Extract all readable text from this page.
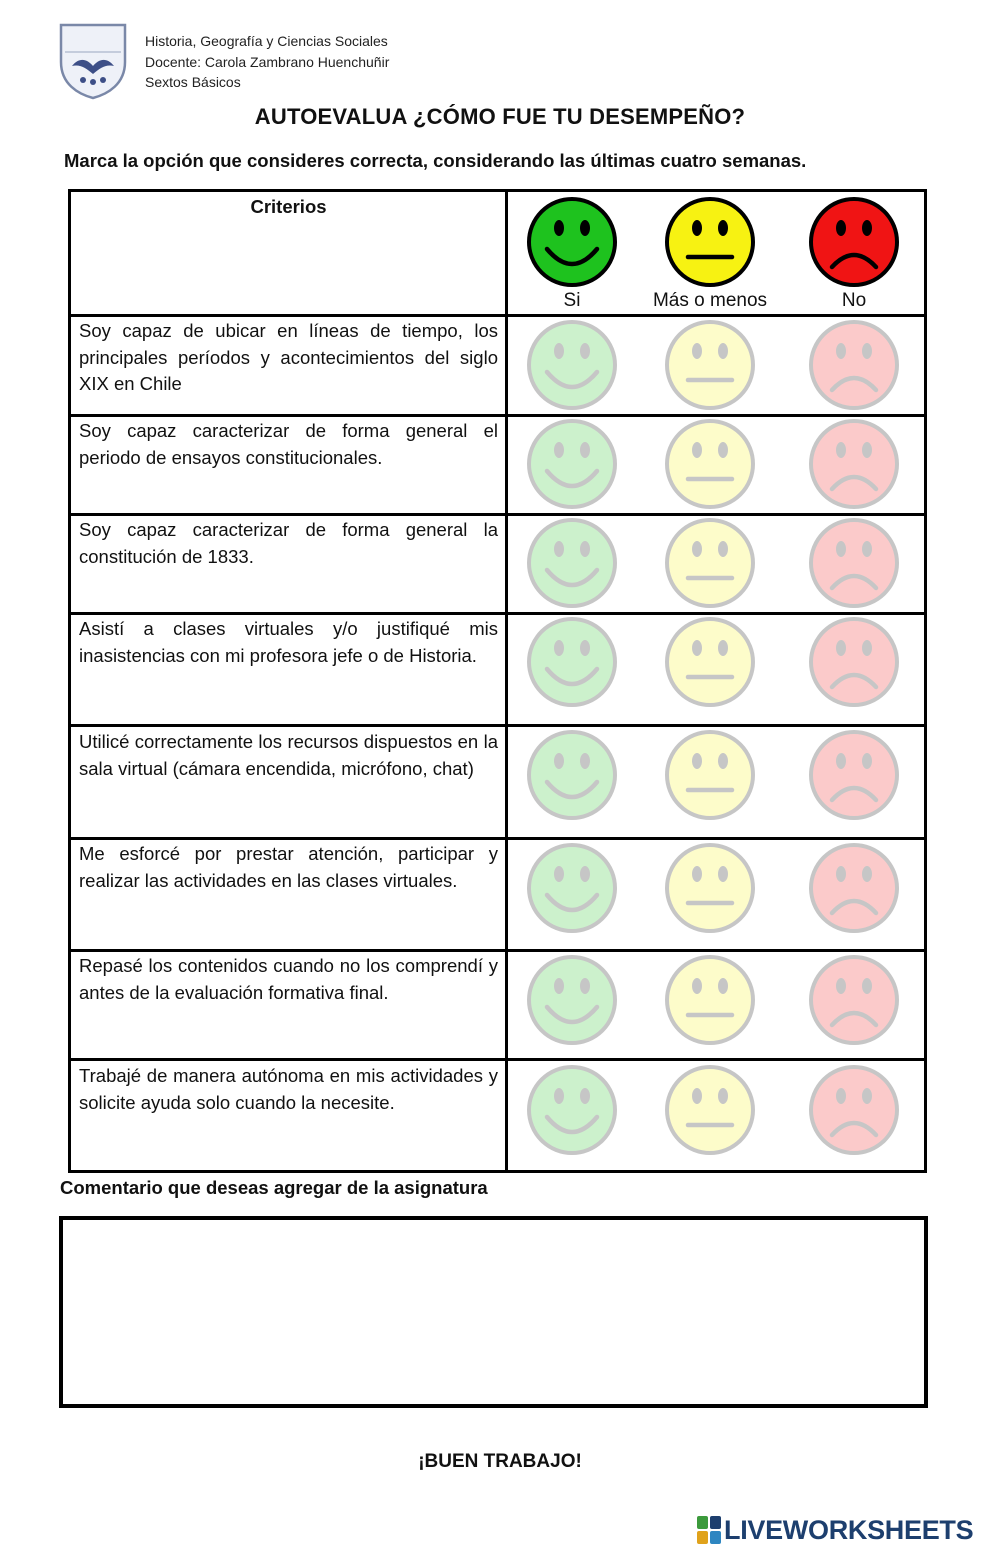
Historia, Geografía y Ciencias Sociales
Docente: Carola Zambrano Huenchuñir
Sextos Básicos
AUTOEVALUA ¿CÓMO FUE TU DESEMPEÑO?
Marca la opción que consideres correcta, considerando las últimas cuatro semanas.
Criterios
Si	Más o menos	No
Soy capaz de ubicar en líneas de tiempo, los principales períodos y acontecimientos del siglo XIX en Chile
Soy capaz caracterizar de forma general el periodo de ensayos constitucionales.
Soy capaz caracterizar de forma general la constitución de 1833.
Asistí a clases virtuales y/o justifiqué mis inasistencias con mi profesora jefe o de Historia.
Utilicé correctamente los recursos dispuestos en la sala virtual (cámara encendida, micrófono, chat)
Me esforcé por prestar atención, participar y realizar las actividades en las clases virtuales.
Repasé los contenidos cuando no los comprendí y antes de la evaluación formativa final.
Trabajé de manera autónoma en mis actividades y solicite ayuda solo cuando la necesite.
Comentario que deseas agregar de la asignatura
¡BUEN TRABAJO!
LIVEWORKSHEETS
